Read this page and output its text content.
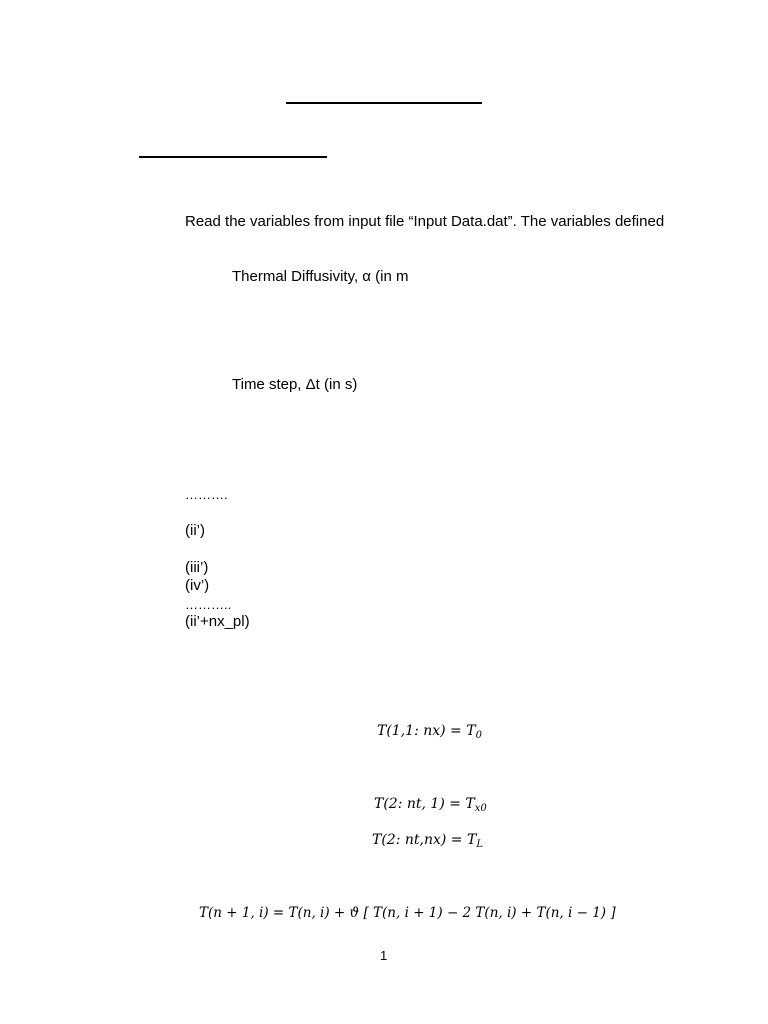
Read the variables from input file “Input Data.dat”. The variables defined
Thermal Diffusivity, α (in m
Time step, Δt (in s)
……….
(ii’)
(iii’)
(iv’)
………..
(ii’+nx_pl)
T(1,1: $nx) = T_0$
T(2: nt, $1) = T_{x0}$
T(2: $nt,nx) = T_L$
T(n + 1, i) = T(n, i) + ϑ [ T(n, i + 1) − 2 T(n, i) + T(n, i − 1) ]
1
